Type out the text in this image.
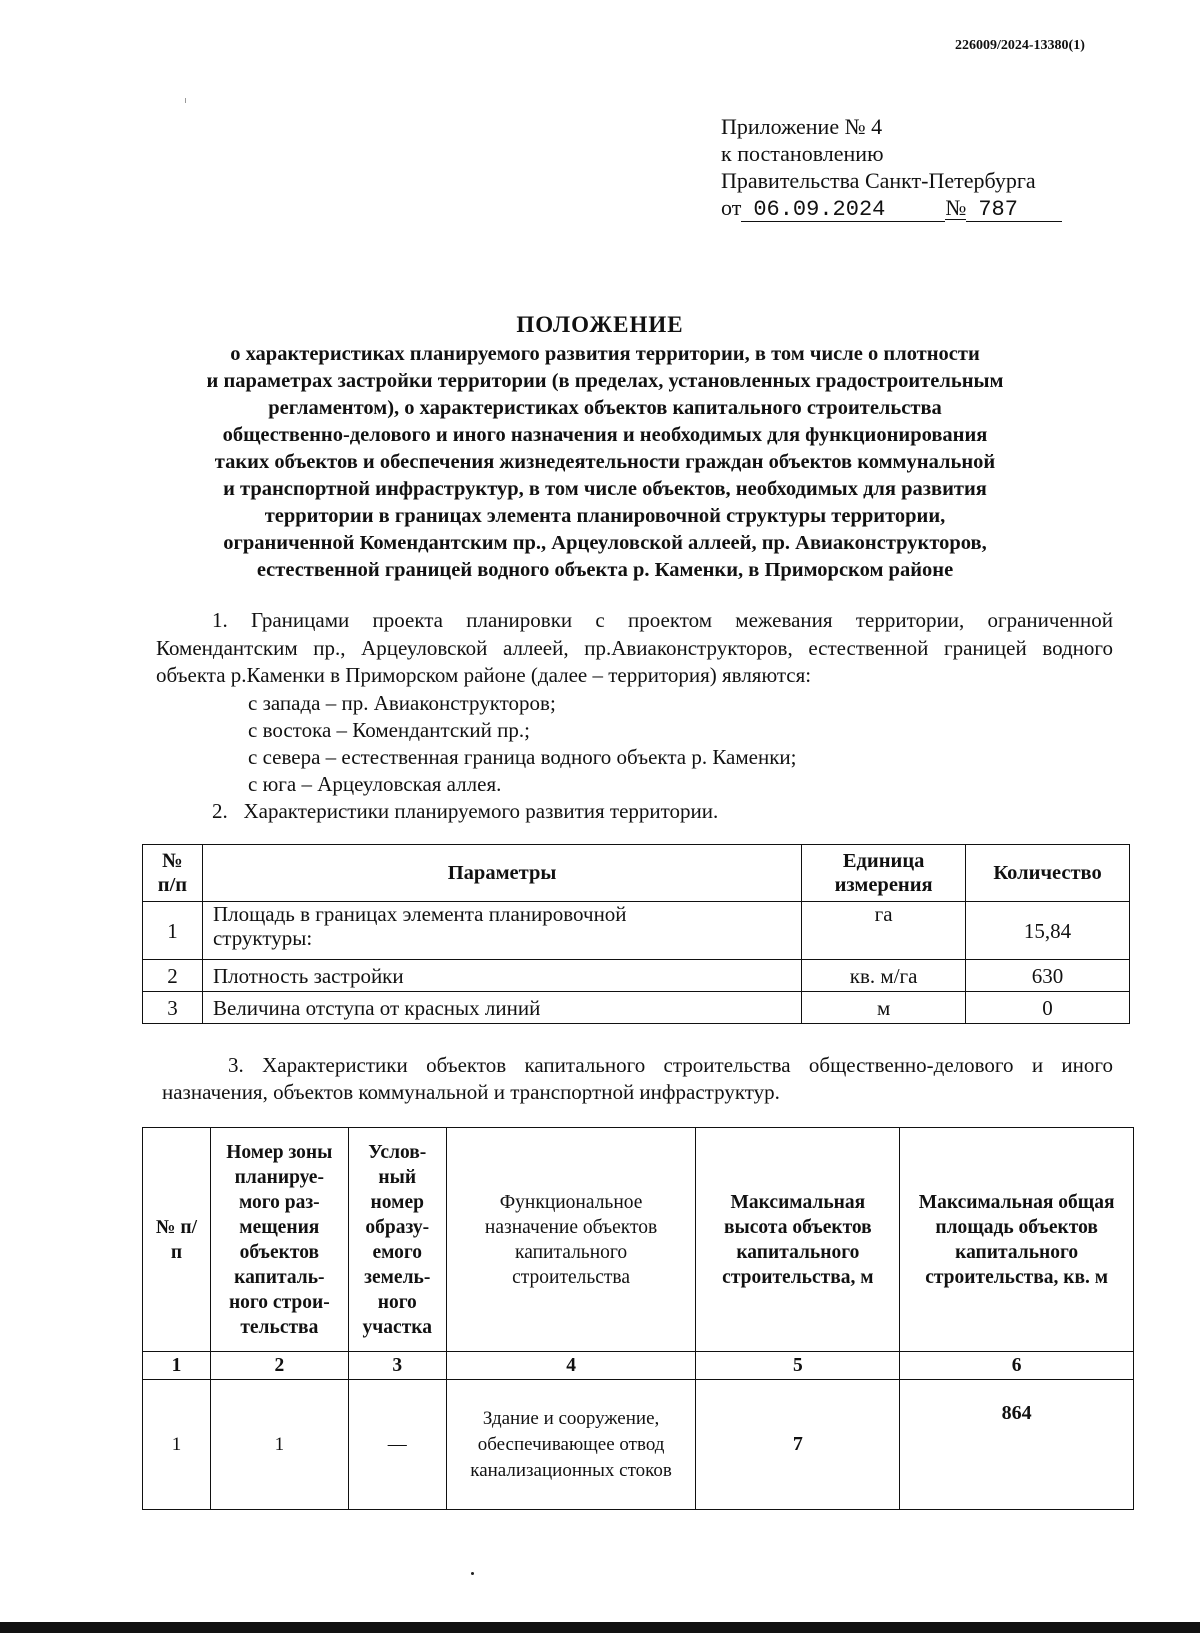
226009/2024-13380(1)
Приложение № 4
к постановлению
Правительства Санкт-Петербурга
от 06.09.2024	№ 787
ПОЛОЖЕНИЕ
о характеристиках планируемого развития территории, в том числе о плотности
и параметрах застройки территории (в пределах, установленных градостроительным
регламентом), о характеристиках объектов капитального строительства
общественно-делового и иного назначения и необходимых для функционирования
таких объектов и обеспечения жизнедеятельности граждан объектов коммунальной
и транспортной инфраструктур, в том числе объектов, необходимых для развития
территории в границах элемента планировочной структуры территории,
ограниченной Комендантским пр., Арцеуловской аллеей, пр. Авиаконструкторов,
естественной границей водного объекта р. Каменки, в Приморском районе
1. Границами проекта планировки с проектом межевания территории, ограниченной Комендантским пр., Арцеуловской аллеей, пр.Авиаконструкторов, естественной границей водного объекта р.Каменки в Приморском районе (далее – территория) являются:
с запада – пр. Авиаконструкторов;
с востока – Комендантский пр.;
с севера – естественная граница водного объекта р. Каменки;
с юга – Арцеуловская аллея.
2.   Характеристики планируемого развития территории.
№ п/п	Параметры	Единица измерения	Количество
1	Площадь в границах элемента планировочной структуры:	га	15,84
2	Плотность застройки	кв. м/га	630
3	Величина отступа от красных линий	м	0
3. Характеристики объектов капитального строительства общественно-делового и иного назначения, объектов коммунальной и транспортной инфраструктур.
№ п/п	Номер зоны планируе-мого раз-мещения объектов капиталь-ного строи-тельства	Услов-ный номер образу-емого земель-ного участка	Функциональное назначение объектов капитального строительства	Максимальная высота объектов капитального строительства, м	Максимальная общая площадь объектов капитального строительства, кв. м
1	2	3	4	5	6
1	1	—	Здание и сооружение, обеспечивающее отвод канализационных стоков	7	864
